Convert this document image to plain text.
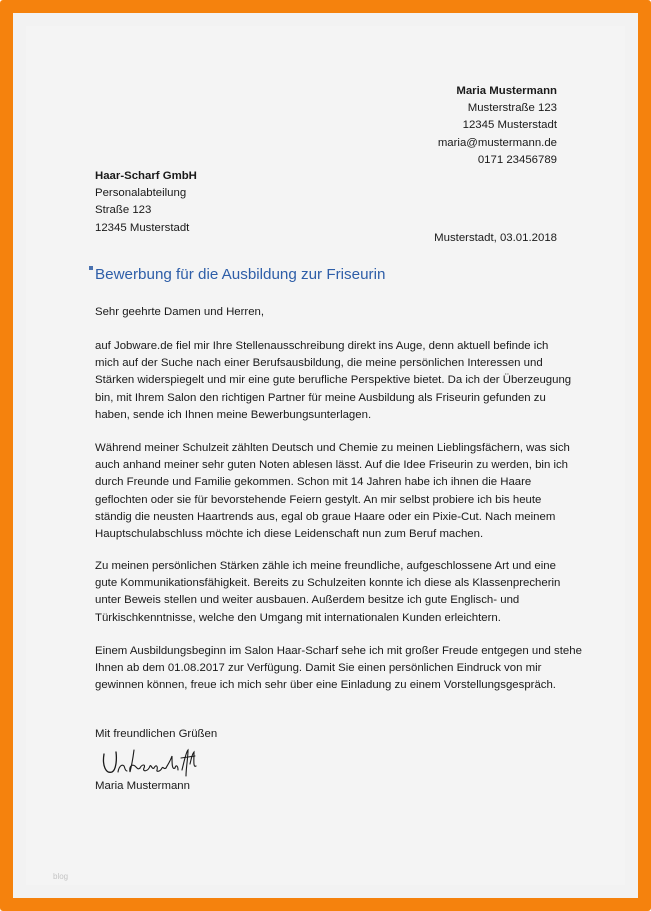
Maria Mustermann
Musterstraße 123
12345 Musterstadt
maria@mustermann.de
0171 23456789
Haar-Scharf GmbH
Personalabteilung
Straße 123
12345 Musterstadt
Musterstadt, 03.01.2018
Bewerbung für die Ausbildung zur Friseurin
Sehr geehrte Damen und Herren,
auf Jobware.de fiel mir Ihre Stellenausschreibung direkt ins Auge, denn aktuell befinde ich
mich auf der Suche nach einer Berufsausbildung, die meine persönlichen Interessen und
Stärken widerspiegelt und mir eine gute berufliche Perspektive bietet. Da ich der Überzeugung
bin, mit Ihrem Salon den richtigen Partner für meine Ausbildung als Friseurin gefunden zu
haben, sende ich Ihnen meine Bewerbungsunterlagen.
Während meiner Schulzeit zählten Deutsch und Chemie zu meinen Lieblingsfächern, was sich
auch anhand meiner sehr guten Noten ablesen lässt. Auf die Idee Friseurin zu werden, bin ich
durch Freunde und Familie gekommen. Schon mit 14 Jahren habe ich ihnen die Haare
geflochten oder sie für bevorstehende Feiern gestylt. An mir selbst probiere ich bis heute
ständig die neusten Haartrends aus, egal ob graue Haare oder ein Pixie-Cut. Nach meinem
Hauptschulabschluss möchte ich diese Leidenschaft nun zum Beruf machen.
Zu meinen persönlichen Stärken zähle ich meine freundliche, aufgeschlossene Art und eine
gute Kommunikationsfähigkeit. Bereits zu Schulzeiten konnte ich diese als Klassenprecherin
unter Beweis stellen und weiter ausbauen. Außerdem besitze ich gute Englisch- und
Türkischkenntnisse, welche den Umgang mit internationalen Kunden erleichtern.
Einem Ausbildungsbeginn im Salon Haar-Scharf sehe ich mit großer Freude entgegen und stehe
Ihnen ab dem 01.08.2017 zur Verfügung. Damit Sie einen persönlichen Eindruck von mir
gewinnen können, freue ich mich sehr über eine Einladung zu einem Vorstellungsgespräch.
Mit freundlichen Grüßen
Maria Mustermann
blog
